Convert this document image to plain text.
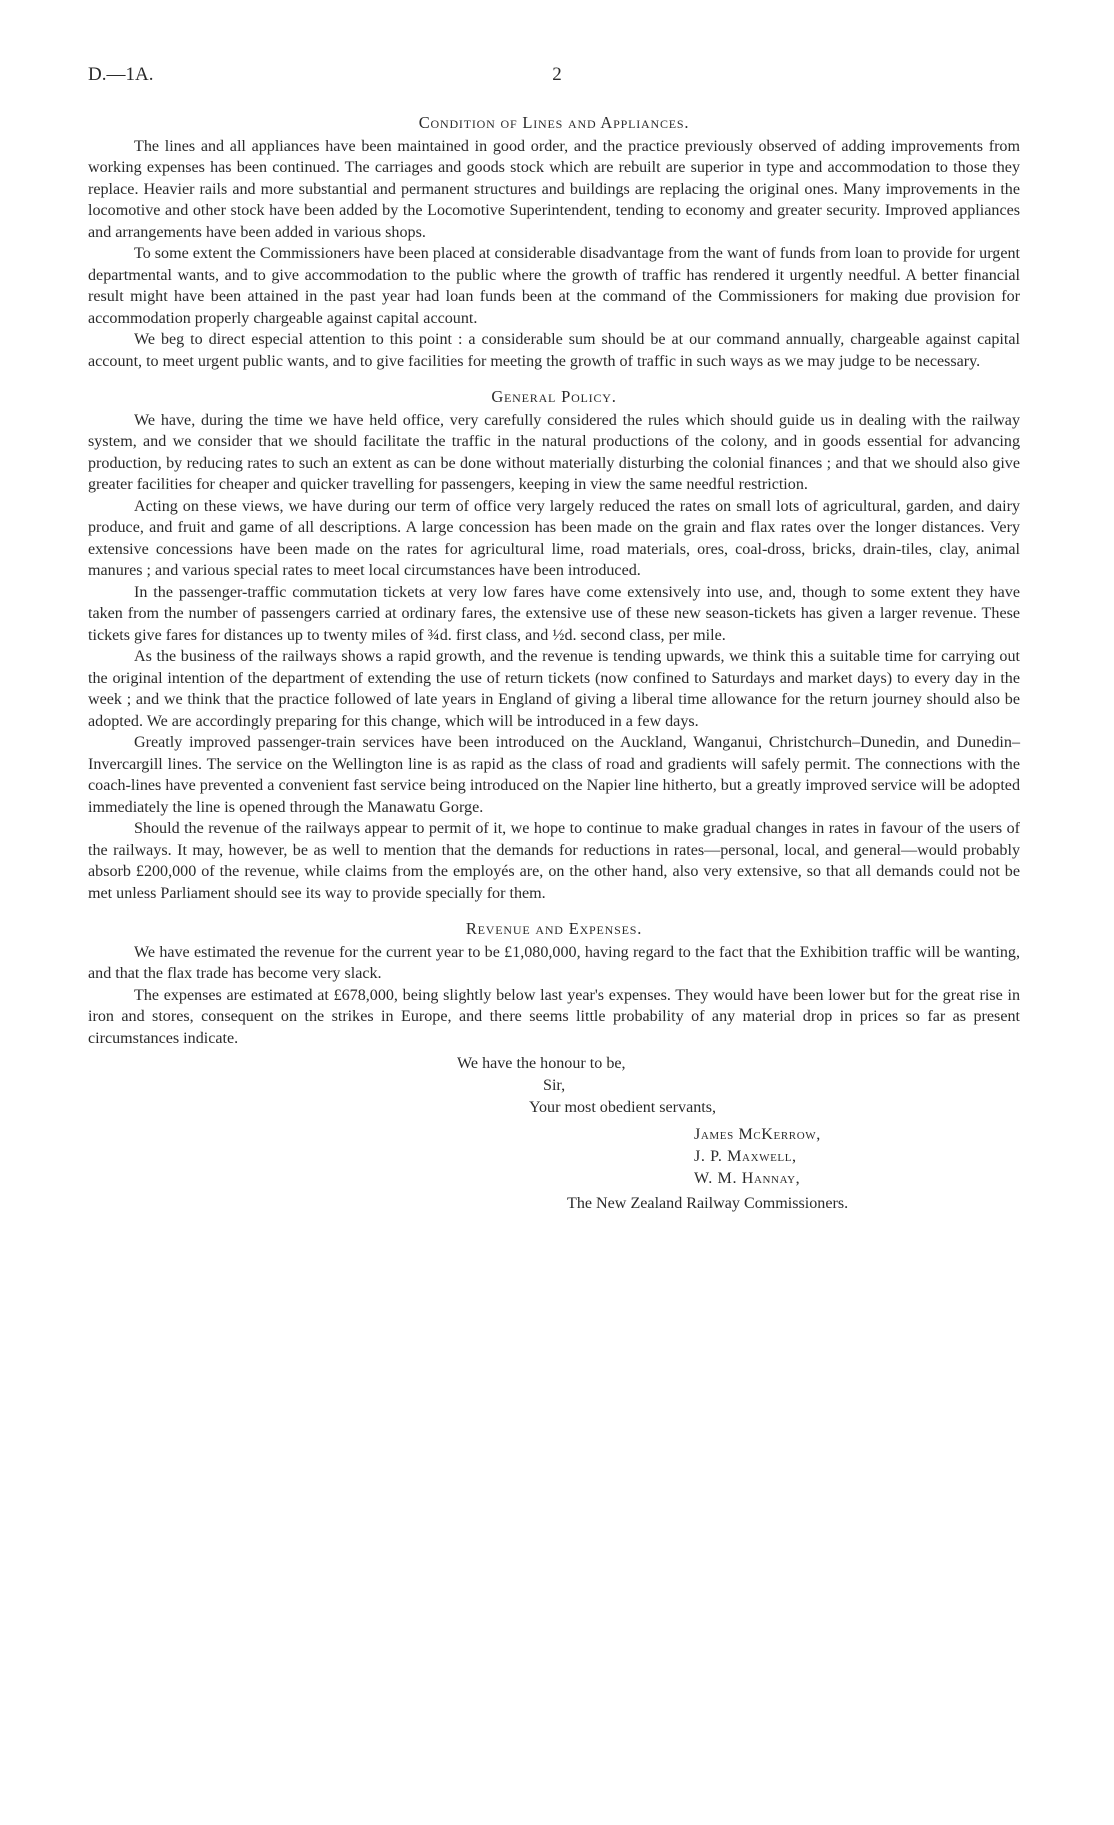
D.—1A.	2
Condition of Lines and Appliances.

The lines and all appliances have been maintained in good order, and the practice previously observed of adding improvements from working expenses has been continued. The carriages and goods stock which are rebuilt are superior in type and accommodation to those they replace. Heavier rails and more substantial and permanent structures and buildings are replacing the original ones. Many improvements in the locomotive and other stock have been added by the Locomotive Superintendent, tending to economy and greater security. Improved appliances and arrangements have been added in various shops.

To some extent the Commissioners have been placed at considerable disadvantage from the want of funds from loan to provide for urgent departmental wants, and to give accommodation to the public where the growth of traffic has rendered it urgently needful. A better financial result might have been attained in the past year had loan funds been at the command of the Commissioners for making due provision for accommodation properly chargeable against capital account.

We beg to direct especial attention to this point : a considerable sum should be at our command annually, chargeable against capital account, to meet urgent public wants, and to give facilities for meeting the growth of traffic in such ways as we may judge to be necessary.

General Policy.

We have, during the time we have held office, very carefully considered the rules which should guide us in dealing with the railway system, and we consider that we should facilitate the traffic in the natural productions of the colony, and in goods essential for advancing production, by reducing rates to such an extent as can be done without materially disturbing the colonial finances ; and that we should also give greater facilities for cheaper and quicker travelling for passengers, keeping in view the same needful restriction.

Acting on these views, we have during our term of office very largely reduced the rates on small lots of agricultural, garden, and dairy produce, and fruit and game of all descriptions. A large concession has been made on the grain and flax rates over the longer distances. Very extensive concessions have been made on the rates for agricultural lime, road materials, ores, coal-dross, bricks, drain-tiles, clay, animal manures ; and various special rates to meet local circumstances have been introduced.

In the passenger-traffic commutation tickets at very low fares have come extensively into use, and, though to some extent they have taken from the number of passengers carried at ordinary fares, the extensive use of these new season-tickets has given a larger revenue. These tickets give fares for distances up to twenty miles of ¾d. first class, and ½d. second class, per mile.

As the business of the railways shows a rapid growth, and the revenue is tending upwards, we think this a suitable time for carrying out the original intention of the department of extending the use of return tickets (now confined to Saturdays and market days) to every day in the week ; and we think that the practice followed of late years in England of giving a liberal time allowance for the return journey should also be adopted. We are accordingly preparing for this change, which will be introduced in a few days.

Greatly improved passenger-train services have been introduced on the Auckland, Wanganui, Christchurch–Dunedin, and Dunedin–Invercargill lines. The service on the Wellington line is as rapid as the class of road and gradients will safely permit. The connections with the coach-lines have prevented a convenient fast service being introduced on the Napier line hitherto, but a greatly improved service will be adopted immediately the line is opened through the Manawatu Gorge.

Should the revenue of the railways appear to permit of it, we hope to continue to make gradual changes in rates in favour of the users of the railways. It may, however, be as well to mention that the demands for reductions in rates—personal, local, and general—would probably absorb £200,000 of the revenue, while claims from the employés are, on the other hand, also very extensive, so that all demands could not be met unless Parliament should see its way to provide specially for them.

Revenue and Expenses.

We have estimated the revenue for the current year to be £1,080,000, having regard to the fact that the Exhibition traffic will be wanting, and that the flax trade has become very slack.

The expenses are estimated at £678,000, being slightly below last year's expenses. They would have been lower but for the great rise in iron and stores, consequent on the strikes in Europe, and there seems little probability of any material drop in prices so far as present circumstances indicate.

We have the honour to be,
Sir,
Your most obedient servants,
James McKerrow,
J. P. Maxwell,
W. M. Hannay,
The New Zealand Railway Commissioners.
